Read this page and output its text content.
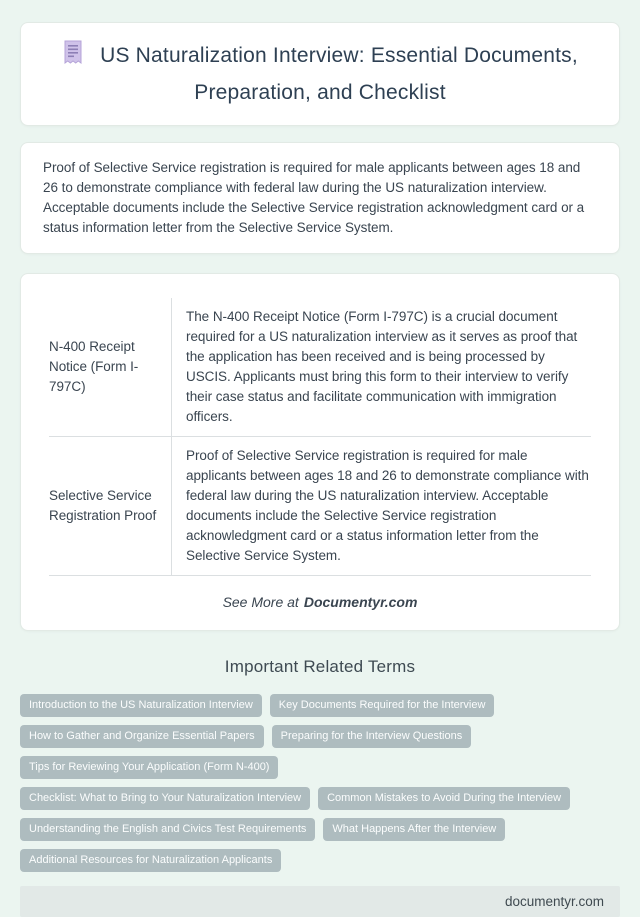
US Naturalization Interview: Essential Documents, Preparation, and Checklist

Proof of Selective Service registration is required for male applicants between ages 18 and 26 to demonstrate compliance with federal law during the US naturalization interview. Acceptable documents include the Selective Service registration acknowledgment card or a status information letter from the Selective Service System.

N-400 Receipt Notice (Form I-797C)	The N-400 Receipt Notice (Form I-797C) is a crucial document required for a US naturalization interview as it serves as proof that the application has been received and is being processed by USCIS. Applicants must bring this form to their interview to verify their case status and facilitate communication with immigration officers.
Selective Service Registration Proof	Proof of Selective Service registration is required for male applicants between ages 18 and 26 to demonstrate compliance with federal law during the US naturalization interview. Acceptable documents include the Selective Service registration acknowledgment card or a status information letter from the Selective Service System.
See More at Documentyr.com
Important Related Terms
Introduction to the US Naturalization Interview	Key Documents Required for the Interview
How to Gather and Organize Essential Papers	Preparing for the Interview Questions
Tips for Reviewing Your Application (Form N-400)
Checklist: What to Bring to Your Naturalization Interview	Common Mistakes to Avoid During the Interview
Understanding the English and Civics Test Requirements	What Happens After the Interview
Additional Resources for Naturalization Applicants
documentyr.com
